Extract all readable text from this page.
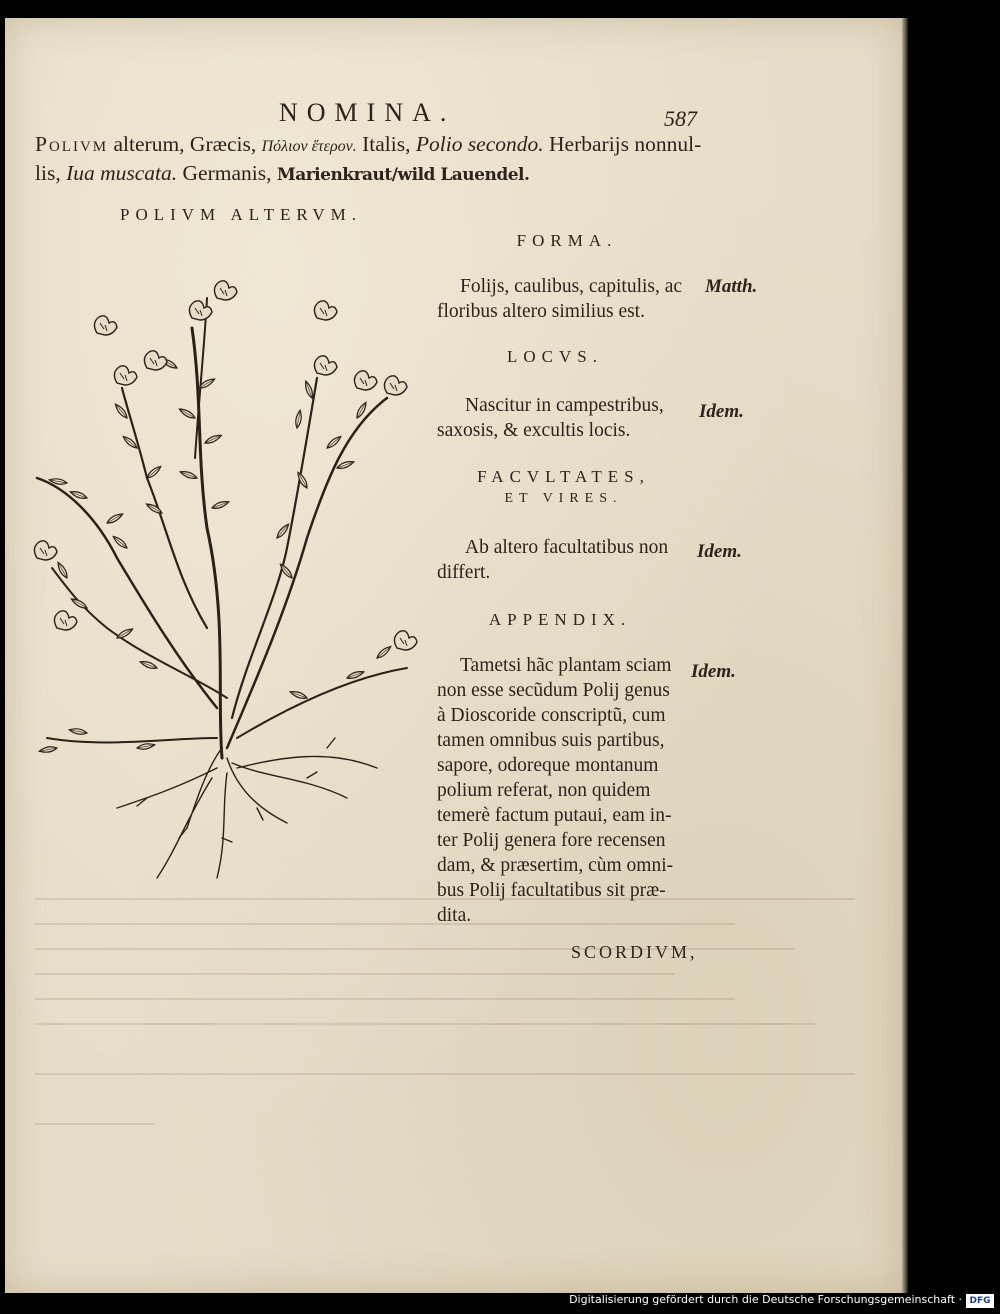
NOMINA.	587
Polivm alterum, Græcis, Πόλιον ἕτερον. Italis, Polio secondo. Herbarijs nonnul-
lis, Iua muscata. Germanis, Marienkraut/wild Lauendel.
POLIVM ALTERVM.
FORMA.
Folijs, caulibus, capitulis, ac
floribus altero similius est.
Matth.
LOCVS.
Nascitur in campestribus,
saxosis, & excultis locis.
Idem.
FACVLTATES,
ET VIRES.
Ab altero facultatibus non
differt.
Idem.
APPENDIX.
Tametsi hãc plantam sciam
non esse secũdum Polij genus
à Dioscoride conscriptũ, cum
tamen omnibus suis partibus,
sapore, odoreque montanum
polium referat, non quidem
temerè factum putaui, eam in-
ter Polij genera fore recensen
dam, & præsertim, cùm omni-
bus Polij facultatibus sit præ-
dita.
Idem.
SCORDIVM,
Digitalisierung gefördert durch die Deutsche Forschungsgemeinschaft · DFG
